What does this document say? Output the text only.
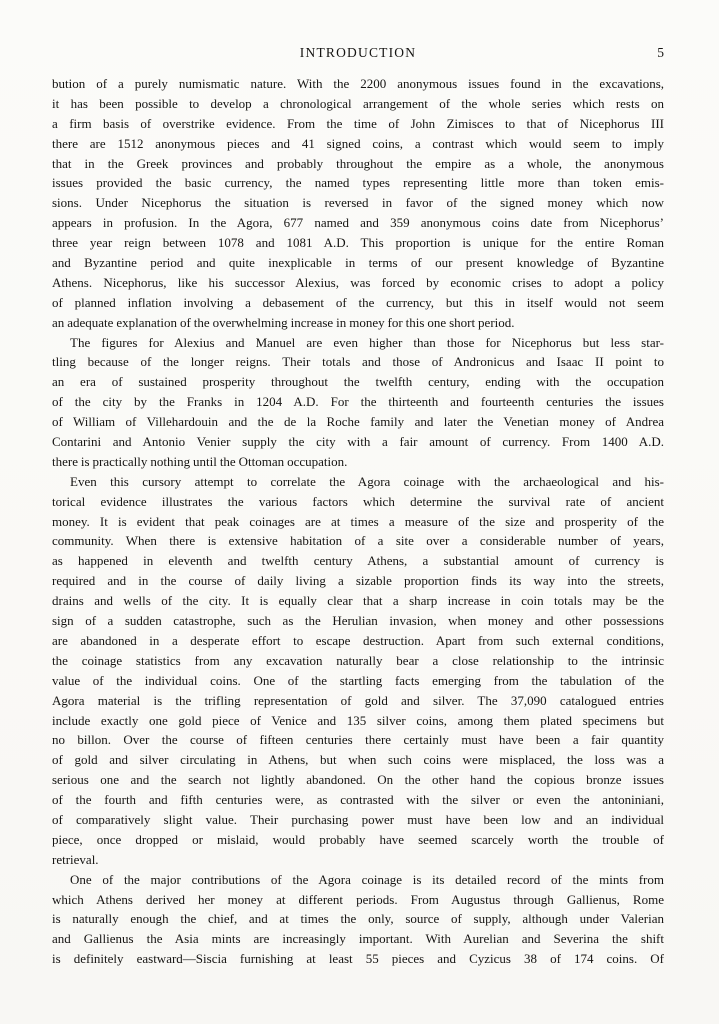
INTRODUCTION	5

bution of a purely numismatic nature. With the 2200 anonymous issues found in the excavations,
it has been possible to develop a chronological arrangement of the whole series which rests on
a firm basis of overstrike evidence. From the time of John Zimisces to that of Nicephorus III
there are 1512 anonymous pieces and 41 signed coins, a contrast which would seem to imply
that in the Greek provinces and probably throughout the empire as a whole, the anonymous
issues provided the basic currency, the named types representing little more than token emis-
sions. Under Nicephorus the situation is reversed in favor of the signed money which now
appears in profusion. In the Agora, 677 named and 359 anonymous coins date from Nicephorus’
three year reign between 1078 and 1081 A.D. This proportion is unique for the entire Roman
and Byzantine period and quite inexplicable in terms of our present knowledge of Byzantine
Athens. Nicephorus, like his successor Alexius, was forced by economic crises to adopt a policy
of planned inflation involving a debasement of the currency, but this in itself would not seem
an adequate explanation of the overwhelming increase in money for this one short period.

The figures for Alexius and Manuel are even higher than those for Nicephorus but less star-
tling because of the longer reigns. Their totals and those of Andronicus and Isaac II point to
an era of sustained prosperity throughout the twelfth century, ending with the occupation
of the city by the Franks in 1204 A.D. For the thirteenth and fourteenth centuries the issues
of William of Villehardouin and the de la Roche family and later the Venetian money of Andrea
Contarini and Antonio Venier supply the city with a fair amount of currency. From 1400 A.D.
there is practically nothing until the Ottoman occupation.

Even this cursory attempt to correlate the Agora coinage with the archaeological and his-
torical evidence illustrates the various factors which determine the survival rate of ancient
money. It is evident that peak coinages are at times a measure of the size and prosperity of the
community. When there is extensive habitation of a site over a considerable number of years,
as happened in eleventh and twelfth century Athens, a substantial amount of currency is
required and in the course of daily living a sizable proportion finds its way into the streets,
drains and wells of the city. It is equally clear that a sharp increase in coin totals may be the
sign of a sudden catastrophe, such as the Herulian invasion, when money and other possessions
are abandoned in a desperate effort to escape destruction. Apart from such external conditions,
the coinage statistics from any excavation naturally bear a close relationship to the intrinsic
value of the individual coins. One of the startling facts emerging from the tabulation of the
Agora material is the trifling representation of gold and silver. The 37,090 catalogued entries
include exactly one gold piece of Venice and 135 silver coins, among them plated specimens but
no billon. Over the course of fifteen centuries there certainly must have been a fair quantity
of gold and silver circulating in Athens, but when such coins were misplaced, the loss was a
serious one and the search not lightly abandoned. On the other hand the copious bronze issues
of the fourth and fifth centuries were, as contrasted with the silver or even the antoniniani,
of comparatively slight value. Their purchasing power must have been low and an individual
piece, once dropped or mislaid, would probably have seemed scarcely worth the trouble of
retrieval.

One of the major contributions of the Agora coinage is its detailed record of the mints from
which Athens derived her money at different periods. From Augustus through Gallienus, Rome
is naturally enough the chief, and at times the only, source of supply, although under Valerian
and Gallienus the Asia mints are increasingly important. With Aurelian and Severina the shift
is definitely eastward—Siscia furnishing at least 55 pieces and Cyzicus 38 of 174 coins. Of
